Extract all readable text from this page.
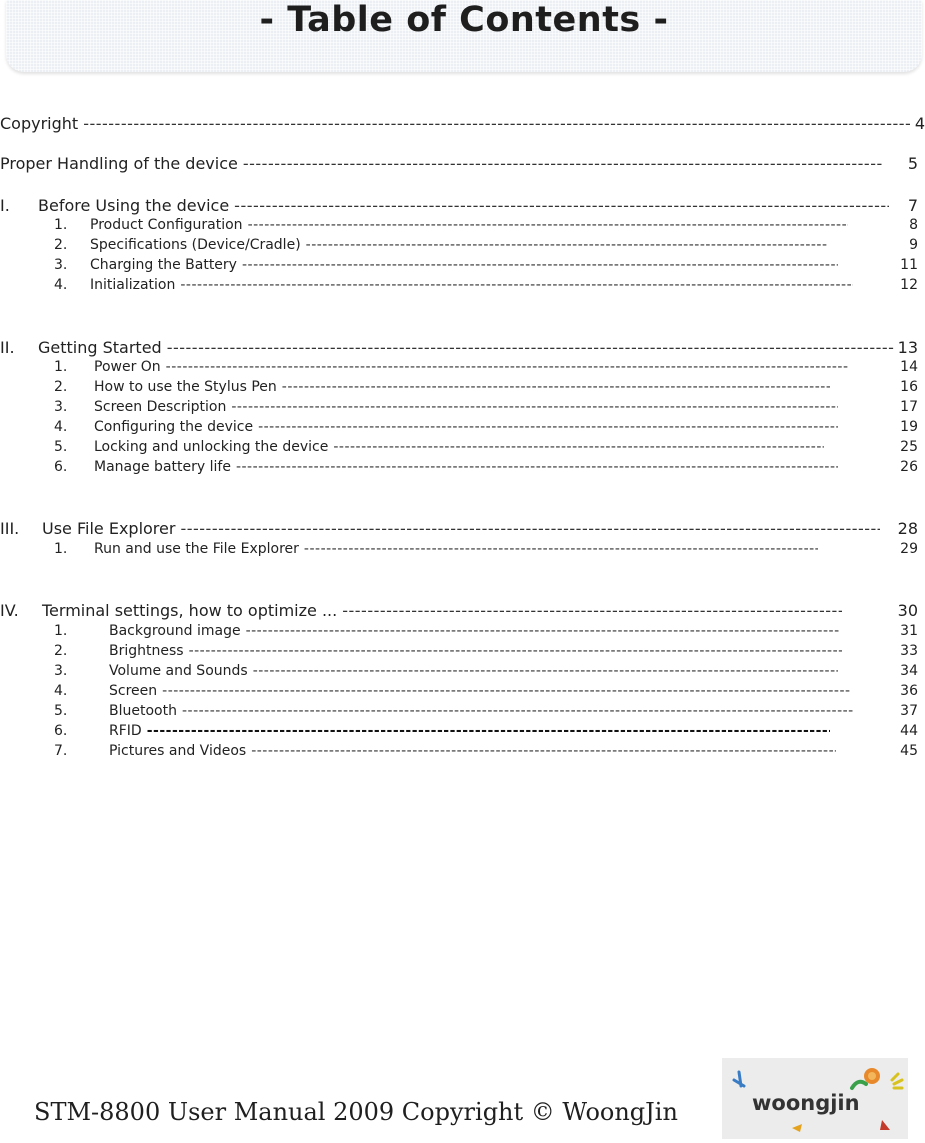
- Table of Contents -
Copyright -----	4
Proper Handling of the device -----	5
I.	Before Using the device -----	7
1.	Product Configuration -----	8
2.	Specifications (Device/Cradle) -----	9
3.	Charging the Battery -----	11
4.	Initialization -----	12
II.	Getting Started -----	13
1.	Power On -----	14
2.	How to use the Stylus Pen -----	16
3.	Screen Description -----	17
4.	Configuring the device -----	19
5.	Locking and unlocking the device -----	25
6.	Manage battery life -----	26
III.	Use File Explorer -----	28
1.	Run and use the File Explorer -----	29
IV.	Terminal settings, how to optimize ... -----	30
1.	Background image -----	31
2.	Brightness -----	33
3.	Volume and Sounds -----	34
4.	Screen -----	36
5.	Bluetooth -----	37
6.	RFID -----	44
7.	Pictures and Videos -----	45
STM-8800 User Manual 2009 Copyright © WoongJin	woongjin
